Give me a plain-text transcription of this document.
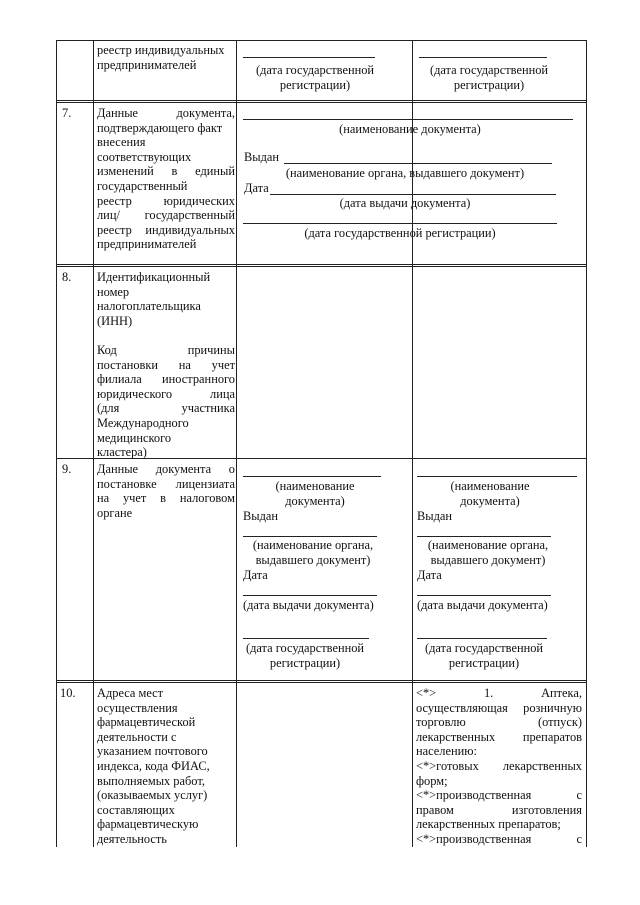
реестр индивидуальных
предпринимателей	(дата государственной
регистрации)
(дата государственной
регистрации)
7. Данные документа,
подтверждающего факт
внесения
соответствующих
изменений в единый
государственный
реестр юридических
лиц/ государственный
реестр индивидуальных
предпринимателей
(наименование документа)
Выдан
(наименование органа, выдавшего документ)
Дата
(дата выдачи документа)
(дата государственной регистрации)
8. Идентификационный
номер
налогоплательщика
(ИНН)
Код причины
постановки на учет
филиала иностранного
юридического лица
(для участника
Международного
медицинского
кластера)
9. Данные документа о
постановке лицензиата
на учет в налоговом
органе
(наименование
документа)
Выдан
(наименование органа,
выдавшего документ)
Дата
(дата выдачи документа)
(дата государственной
регистрации)
(наименование
документа)
Выдан
(наименование органа,
выдавшего документ)
Дата
(дата выдачи документа)
(дата государственной
регистрации)
10. Адреса мест
осуществления
фармацевтической
деятельности с
указанием почтового
индекса, кода ФИАС,
выполняемых работ,
(оказываемых услуг)
составляющих
фармацевтическую
деятельность
<*> 1. Аптека,
осуществляющая розничную
торговлю (отпуск)
лекарственных препаратов
населению:
<*>готовых лекарственных
форм;
<*>производственная с
правом изготовления
лекарственных препаратов;
<*>производственная с
